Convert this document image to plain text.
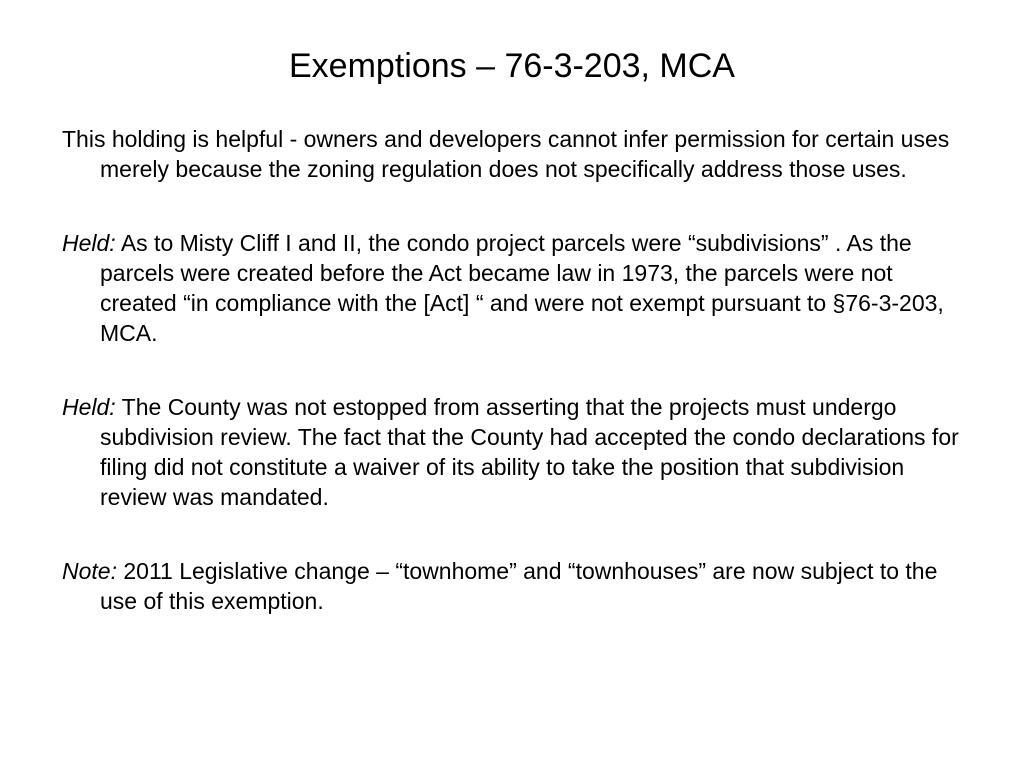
Exemptions – 76-3-203, MCA

This holding is helpful - owners and developers cannot infer permission for certain uses merely because the zoning regulation does not specifically address those uses.

Held: As to Misty Cliff I and II, the condo project parcels were “subdivisions” . As the parcels were created before the Act became law in 1973, the parcels were not created “in compliance with the [Act] “ and were not exempt pursuant to §76-3-203, MCA.

Held: The County was not estopped from asserting that the projects must undergo subdivision review. The fact that the County had accepted the condo declarations for filing did not constitute a waiver of its ability to take the position that subdivision review was mandated.

Note: 2011 Legislative change – “townhome” and “townhouses” are now subject to the use of this exemption.
